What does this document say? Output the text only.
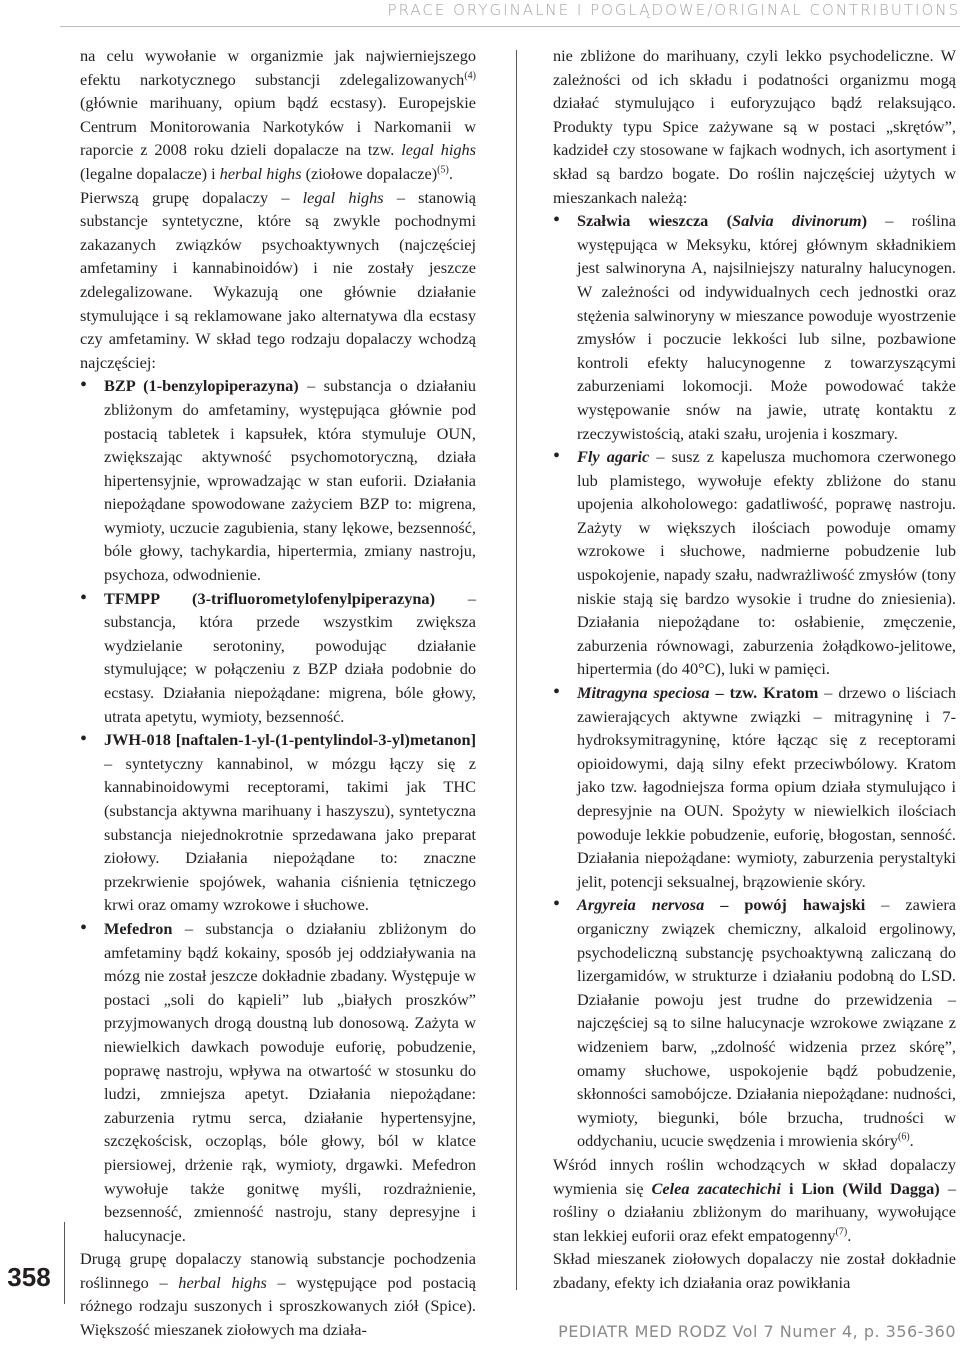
PRACE ORYGINALNE I POGLĄDOWE/ORIGINAL CONTRIBUTIONS
358

na celu wywołanie w organizmie jak najwierniejszego efektu narkotycznego substancji zdelegalizowanych$^{(4)}$ (głównie marihuany, opium bądź ecstasy). Europejskie Centrum Monitorowania Narkotyków i Narkomanii w raporcie z 2008 roku dzieli dopalacze na tzw. legal highs (legalne dopalacze) i herbal highs (ziołowe dopalacze)$^{(5)}$.

Pierwszą grupę dopalaczy – legal highs – stanowią substancje syntetyczne, które są zwykle pochodnymi zakazanych związków psychoaktywnych (najczęściej amfetaminy i kannabinoidów) i nie zostały jeszcze zdelegalizowane. Wykazują one głównie działanie stymulujące i są reklamowane jako alternatywa dla ecstasy czy amfetaminy. W skład tego rodzaju dopalaczy wchodzą najczęściej:

• BZP (1-benzylopiperazyna) – substancja o działaniu zbliżonym do amfetaminy, występująca głównie pod postacią tabletek i kapsułek, która stymuluje OUN, zwiększając aktywność psychomotoryczną, działa hipertensyjnie, wprowadzając w stan euforii. Działania niepożądane spowodowane zażyciem BZP to: migrena, wymioty, uczucie zagubienia, stany lękowe, bezsenność, bóle głowy, tachykardia, hipertermia, zmiany nastroju, psychoza, odwodnienie.
• TFMPP (3-trifluorometylofenylpiperazyna) – substancja, która przede wszystkim zwiększa wydzielanie serotoniny, powodując działanie stymulujące; w połączeniu z BZP działa podobnie do ecstasy. Działania niepożądane: migrena, bóle głowy, utrata apetytu, wymioty, bezsenność.
• JWH-018 [naftalen-1-yl-(1-pentylindol-3-yl)metanon] – syntetyczny kannabinol, w mózgu łączy się z kannabinoidowymi receptorami, takimi jak THC (substancja aktywna marihuany i haszyszu), syntetyczna substancja niejednokrotnie sprzedawana jako preparat ziołowy. Działania niepożądane to: znaczne przekrwienie spojówek, wahania ciśnienia tętniczego krwi oraz omamy wzrokowe i słuchowe.
• Mefedron – substancja o działaniu zbliżonym do amfetaminy bądź kokainy, sposób jej oddziaływania na mózg nie został jeszcze dokładnie zbadany. Występuje w postaci „soli do kąpieli” lub „białych proszków” przyjmowanych drogą doustną lub donosową. Zażyta w niewielkich dawkach powoduje euforię, pobudzenie, poprawę nastroju, wpływa na otwartość w stosunku do ludzi, zmniejsza apetyt. Działania niepożądane: zaburzenia rytmu serca, działanie hypertensyjne, szczękościsk, oczopląs, bóle głowy, ból w klatce piersiowej, drżenie rąk, wymioty, drgawki. Mefedron wywołuje także gonitwę myśli, rozdrażnienie, bezsenność, zmienność nastroju, stany depresyjne i halucynacje.

Drugą grupę dopalaczy stanowią substancje pochodzenia roślinnego – herbal highs – występujące pod postacią różnego rodzaju suszonych i sproszkowanych ziół (Spice). Większość mieszanek ziołowych ma działa-

nie zbliżone do marihuany, czyli lekko psychodeliczne. W zależności od ich składu i podatności organizmu mogą działać stymulująco i euforyzująco bądź relaksująco. Produkty typu Spice zażywane są w postaci „skrętów”, kadzideł czy stosowane w fajkach wodnych, ich asortyment i skład są bardzo bogate. Do roślin najczęściej użytych w mieszankach należą:

• Szałwia wieszcza (Salvia divinorum) – roślina występująca w Meksyku, której głównym składnikiem jest salwinoryna A, najsilniejszy naturalny halucynogen. W zależności od indywidualnych cech jednostki oraz stężenia salwinoryny w mieszance powoduje wyostrzenie zmysłów i poczucie lekkości lub silne, pozbawione kontroli efekty halucynogenne z towarzyszącymi zaburzeniami lokomocji. Może powodować także występowanie snów na jawie, utratę kontaktu z rzeczywistością, ataki szału, urojenia i koszmary.
• Fly agaric – susz z kapelusza muchomora czerwonego lub plamistego, wywołuje efekty zbliżone do stanu upojenia alkoholowego: gadatliwość, poprawę nastroju. Zażyty w większych ilościach powoduje omamy wzrokowe i słuchowe, nadmierne pobudzenie lub uspokojenie, napady szału, nadwrażliwość zmysłów (tony niskie stają się bardzo wysokie i trudne do zniesienia). Działania niepożądane to: osłabienie, zmęczenie, zaburzenia równowagi, zaburzenia żołądkowo-jelitowe, hipertermia (do 40°C), luki w pamięci.
• Mitragyna speciosa – tzw. Kratom – drzewo o liściach zawierających aktywne związki – mitragyninę i 7-hydroksymitragyninę, które łącząc się z receptorami opioidowymi, dają silny efekt przeciwbólowy. Kratom jako tzw. łagodniejsza forma opium działa stymulująco i depresyjnie na OUN. Spożyty w niewielkich ilościach powoduje lekkie pobudzenie, euforię, błogostan, senność. Działania niepożądane: wymioty, zaburzenia perystaltyki jelit, potencji seksualnej, brązowienie skóry.
• Argyreia nervosa – powój hawajski – zawiera organiczny związek chemiczny, alkaloid ergolinowy, psychodeliczną substancję psychoaktywną zaliczaną do lizergamidów, w strukturze i działaniu podobną do LSD. Działanie powoju jest trudne do przewidzenia – najczęściej są to silne halucynacje wzrokowe związane z widzeniem barw, „zdolność widzenia przez skórę”, omamy słuchowe, uspokojenie bądź pobudzenie, skłonności samobójcze. Działania niepożądane: nudności, wymioty, biegunki, bóle brzucha, trudności w oddychaniu, ucucie swędzenia i mrowienia skóry$^{(6)}$.

Wśród innych roślin wchodzących w skład dopalaczy wymienia się Celea zacatechichi i Lion (Wild Dagga) – rośliny o działaniu zbliżonym do marihuany, wywołujące stan lekkiej euforii oraz efekt empatogenny$^{(7)}$.

Skład mieszanek ziołowych dopalaczy nie został dokładnie zbadany, efekty ich działania oraz powikłania

PEDIATR MED RODZ Vol 7 Numer 4, p. 356-360
